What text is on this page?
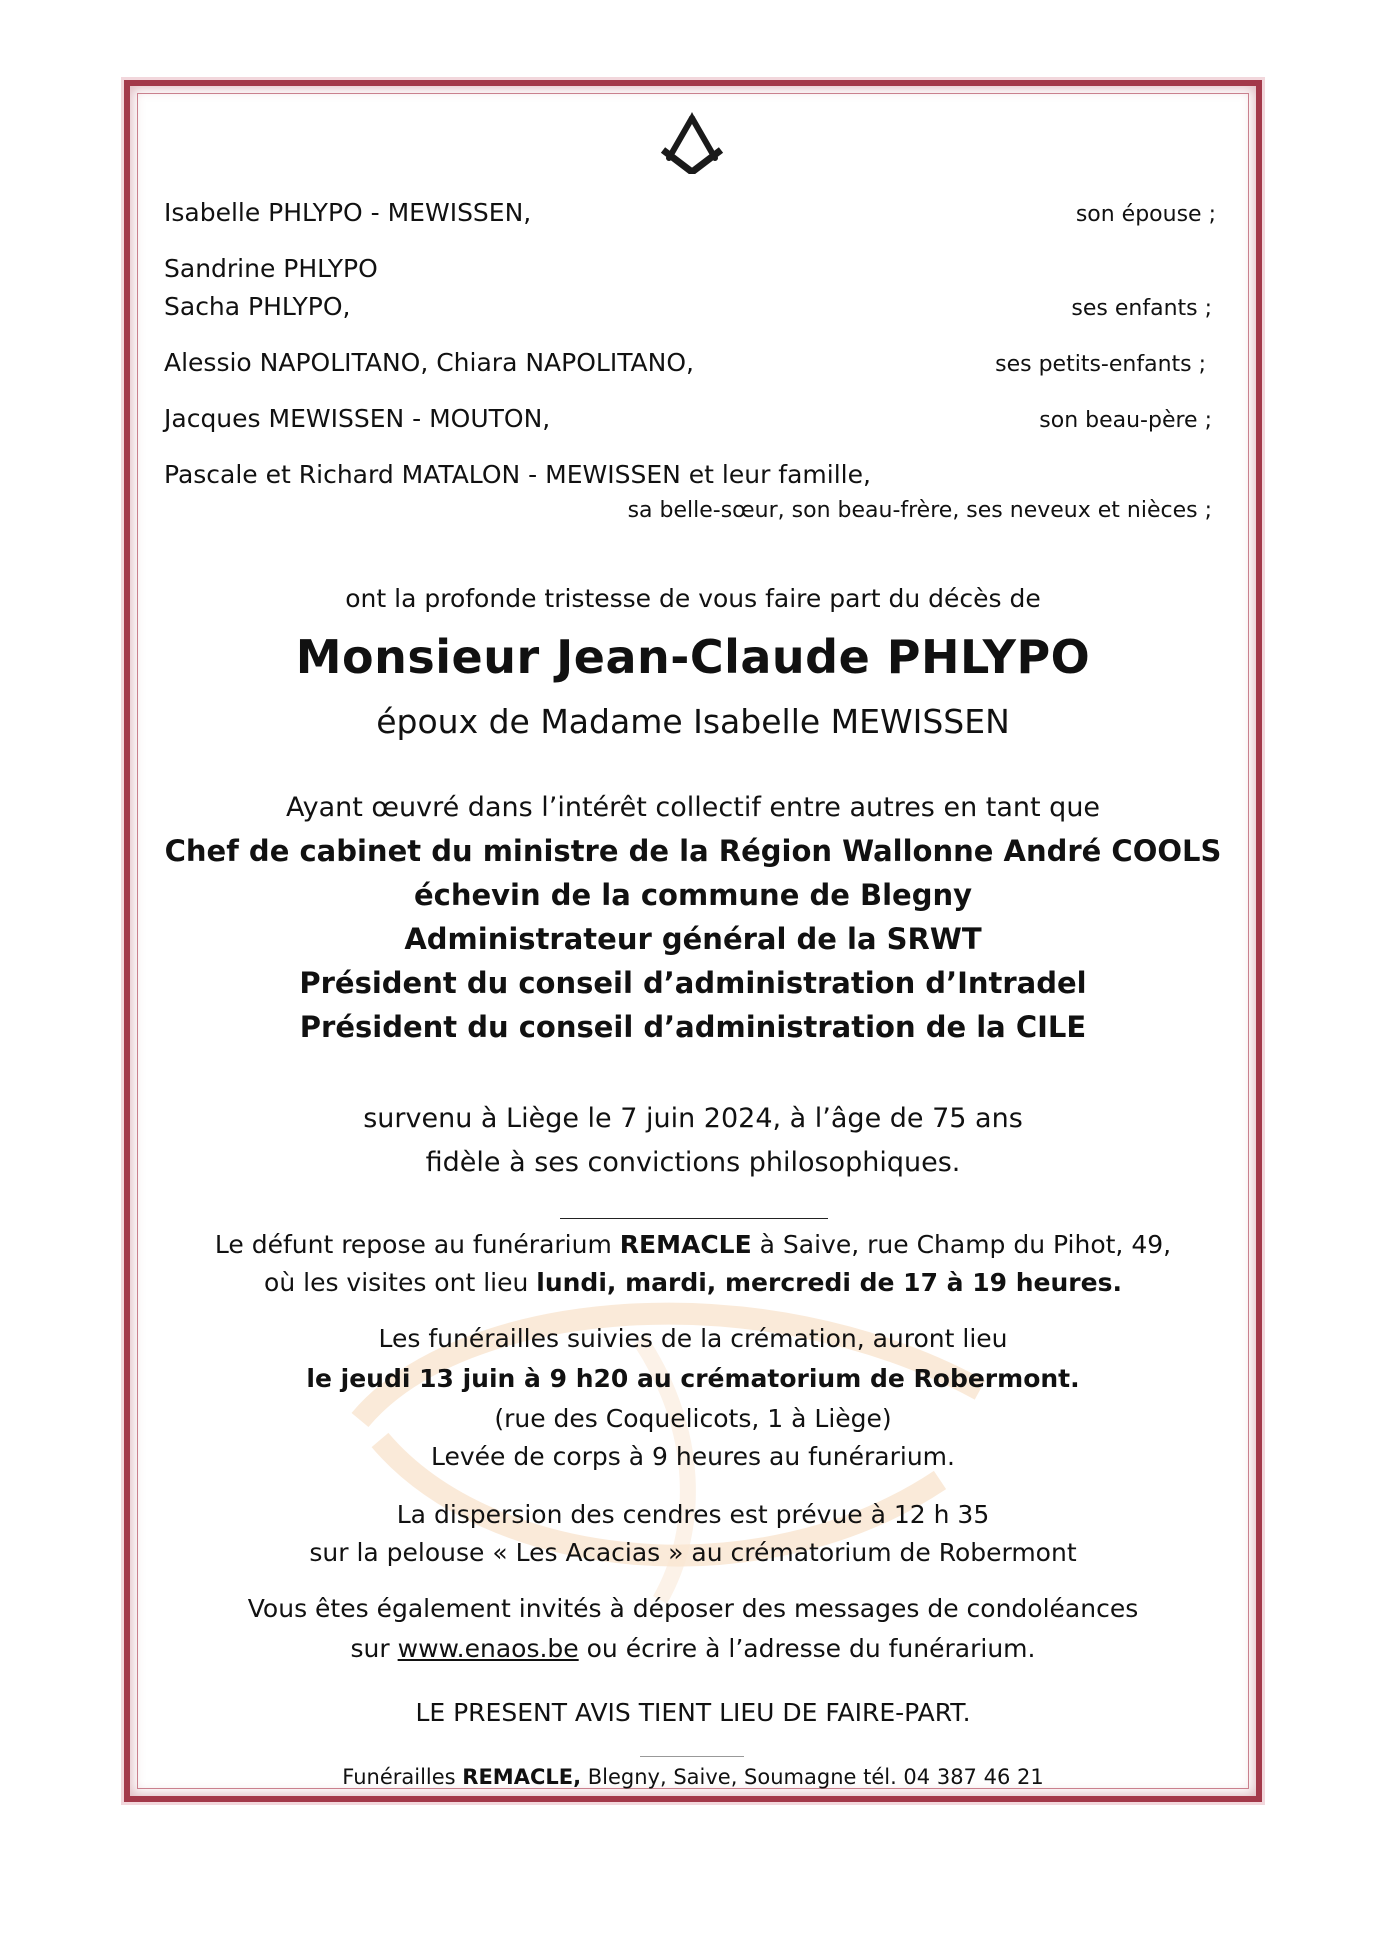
Isabelle PHLYPO - MEWISSEN,	son épouse ;
Sandrine PHLYPO
Sacha PHLYPO,	ses enfants ;
Alessio NAPOLITANO, Chiara NAPOLITANO,	ses petits-enfants ;
Jacques MEWISSEN - MOUTON,	son beau-père ;
Pascale et Richard MATALON - MEWISSEN et leur famille,
sa belle-sœur, son beau-frère, ses neveux et nièces ;
ont la profonde tristesse de vous faire part du décès de
Monsieur Jean-Claude PHLYPO
époux de Madame Isabelle MEWISSEN
Ayant œuvré dans l’intérêt collectif entre autres en tant que
Chef de cabinet du ministre de la Région Wallonne André COOLS
échevin de la commune de Blegny
Administrateur général de la SRWT
Président du conseil d’administration d’Intradel
Président du conseil d’administration de la CILE
survenu à Liège le 7 juin 2024, à l’âge de 75 ans
fidèle à ses convictions philosophiques.
Le défunt repose au funérarium REMACLE à Saive, rue Champ du Pihot, 49,
où les visites ont lieu lundi, mardi, mercredi de 17 à 19 heures.
Les funérailles suivies de la crémation, auront lieu
le jeudi 13 juin à 9 h20 au crématorium de Robermont.
(rue des Coquelicots, 1 à Liège)
Levée de corps à 9 heures au funérarium.
La dispersion des cendres est prévue à 12 h 35
sur la pelouse « Les Acacias » au crématorium de Robermont
Vous êtes également invités à déposer des messages de condoléances
sur www.enaos.be ou écrire à l’adresse du funérarium.
LE PRESENT AVIS TIENT LIEU DE FAIRE-PART.
Funérailles REMACLE, Blegny, Saive, Soumagne tél. 04 387 46 21
